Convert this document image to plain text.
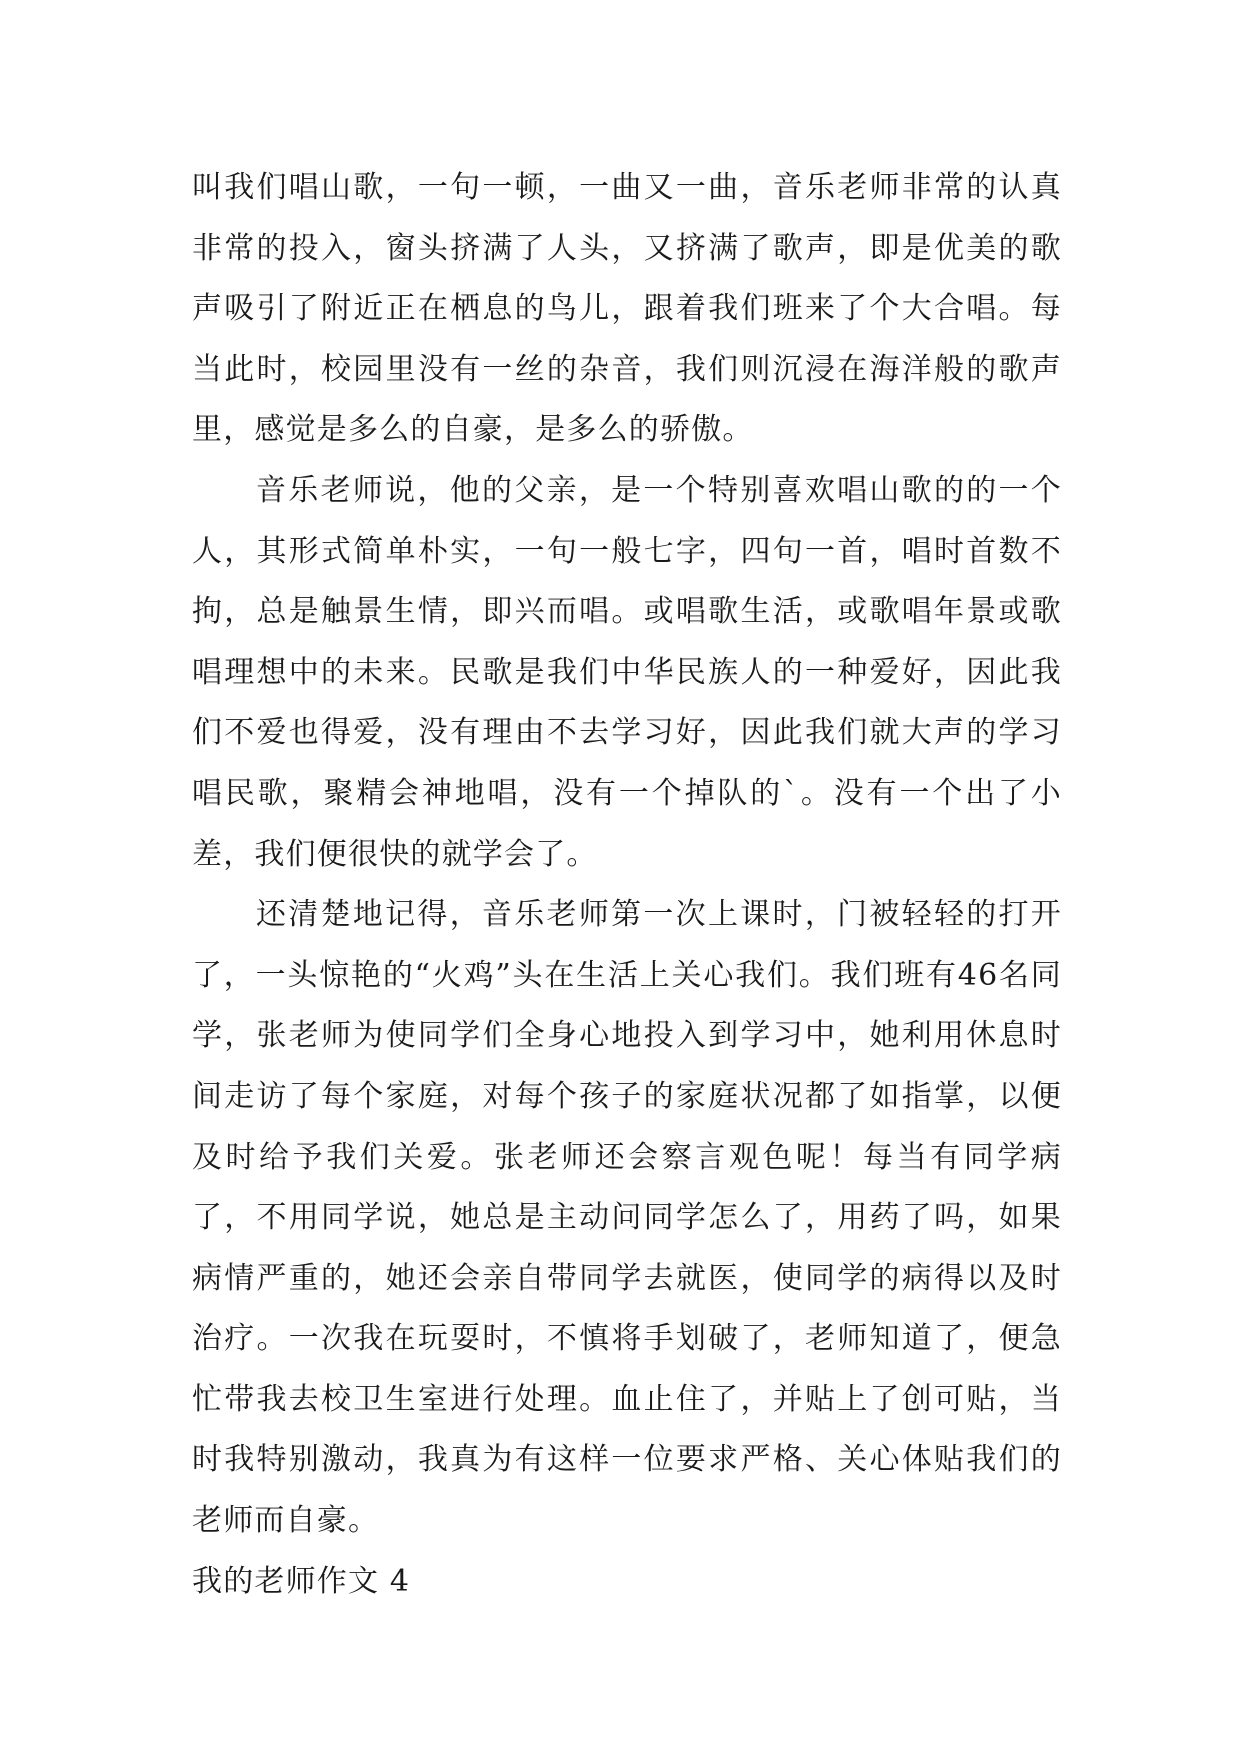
叫我们唱山歌，一句一顿，一曲又一曲，音乐老师非常的认真非常的投入，窗头挤满了人头，又挤满了歌声，即是优美的歌声吸引了附近正在栖息的鸟儿，跟着我们班来了个大合唱。每当此时，校园里没有一丝的杂音，我们则沉浸在海洋般的歌声里，感觉是多么的自豪，是多么的骄傲。

音乐老师说，他的父亲，是一个特别喜欢唱山歌的的一个人，其形式简单朴实，一句一般七字，四句一首，唱时首数不拘，总是触景生情，即兴而唱。或唱歌生活，或歌唱年景或歌唱理想中的未来。民歌是我们中华民族人的一种爱好，因此我们不爱也得爱，没有理由不去学习好，因此我们就大声的学习唱民歌，聚精会神地唱，没有一个掉队的`。没有一个出了小差，我们便很快的就学会了。

还清楚地记得，音乐老师第一次上课时，门被轻轻的打开了，一头惊艳的“火鸡”头在生活上关心我们。我们班有46名同学，张老师为使同学们全身心地投入到学习中，她利用休息时间走访了每个家庭，对每个孩子的家庭状况都了如指掌，以便及时给予我们关爱。张老师还会察言观色呢！每当有同学病了，不用同学说，她总是主动问同学怎么了，用药了吗，如果病情严重的，她还会亲自带同学去就医，使同学的病得以及时治疗。一次我在玩耍时，不慎将手划破了，老师知道了，便急忙带我去校卫生室进行处理。血止住了，并贴上了创可贴，当时我特别激动，我真为有这样一位要求严格、关心体贴我们的老师而自豪。

我的老师作文 4
